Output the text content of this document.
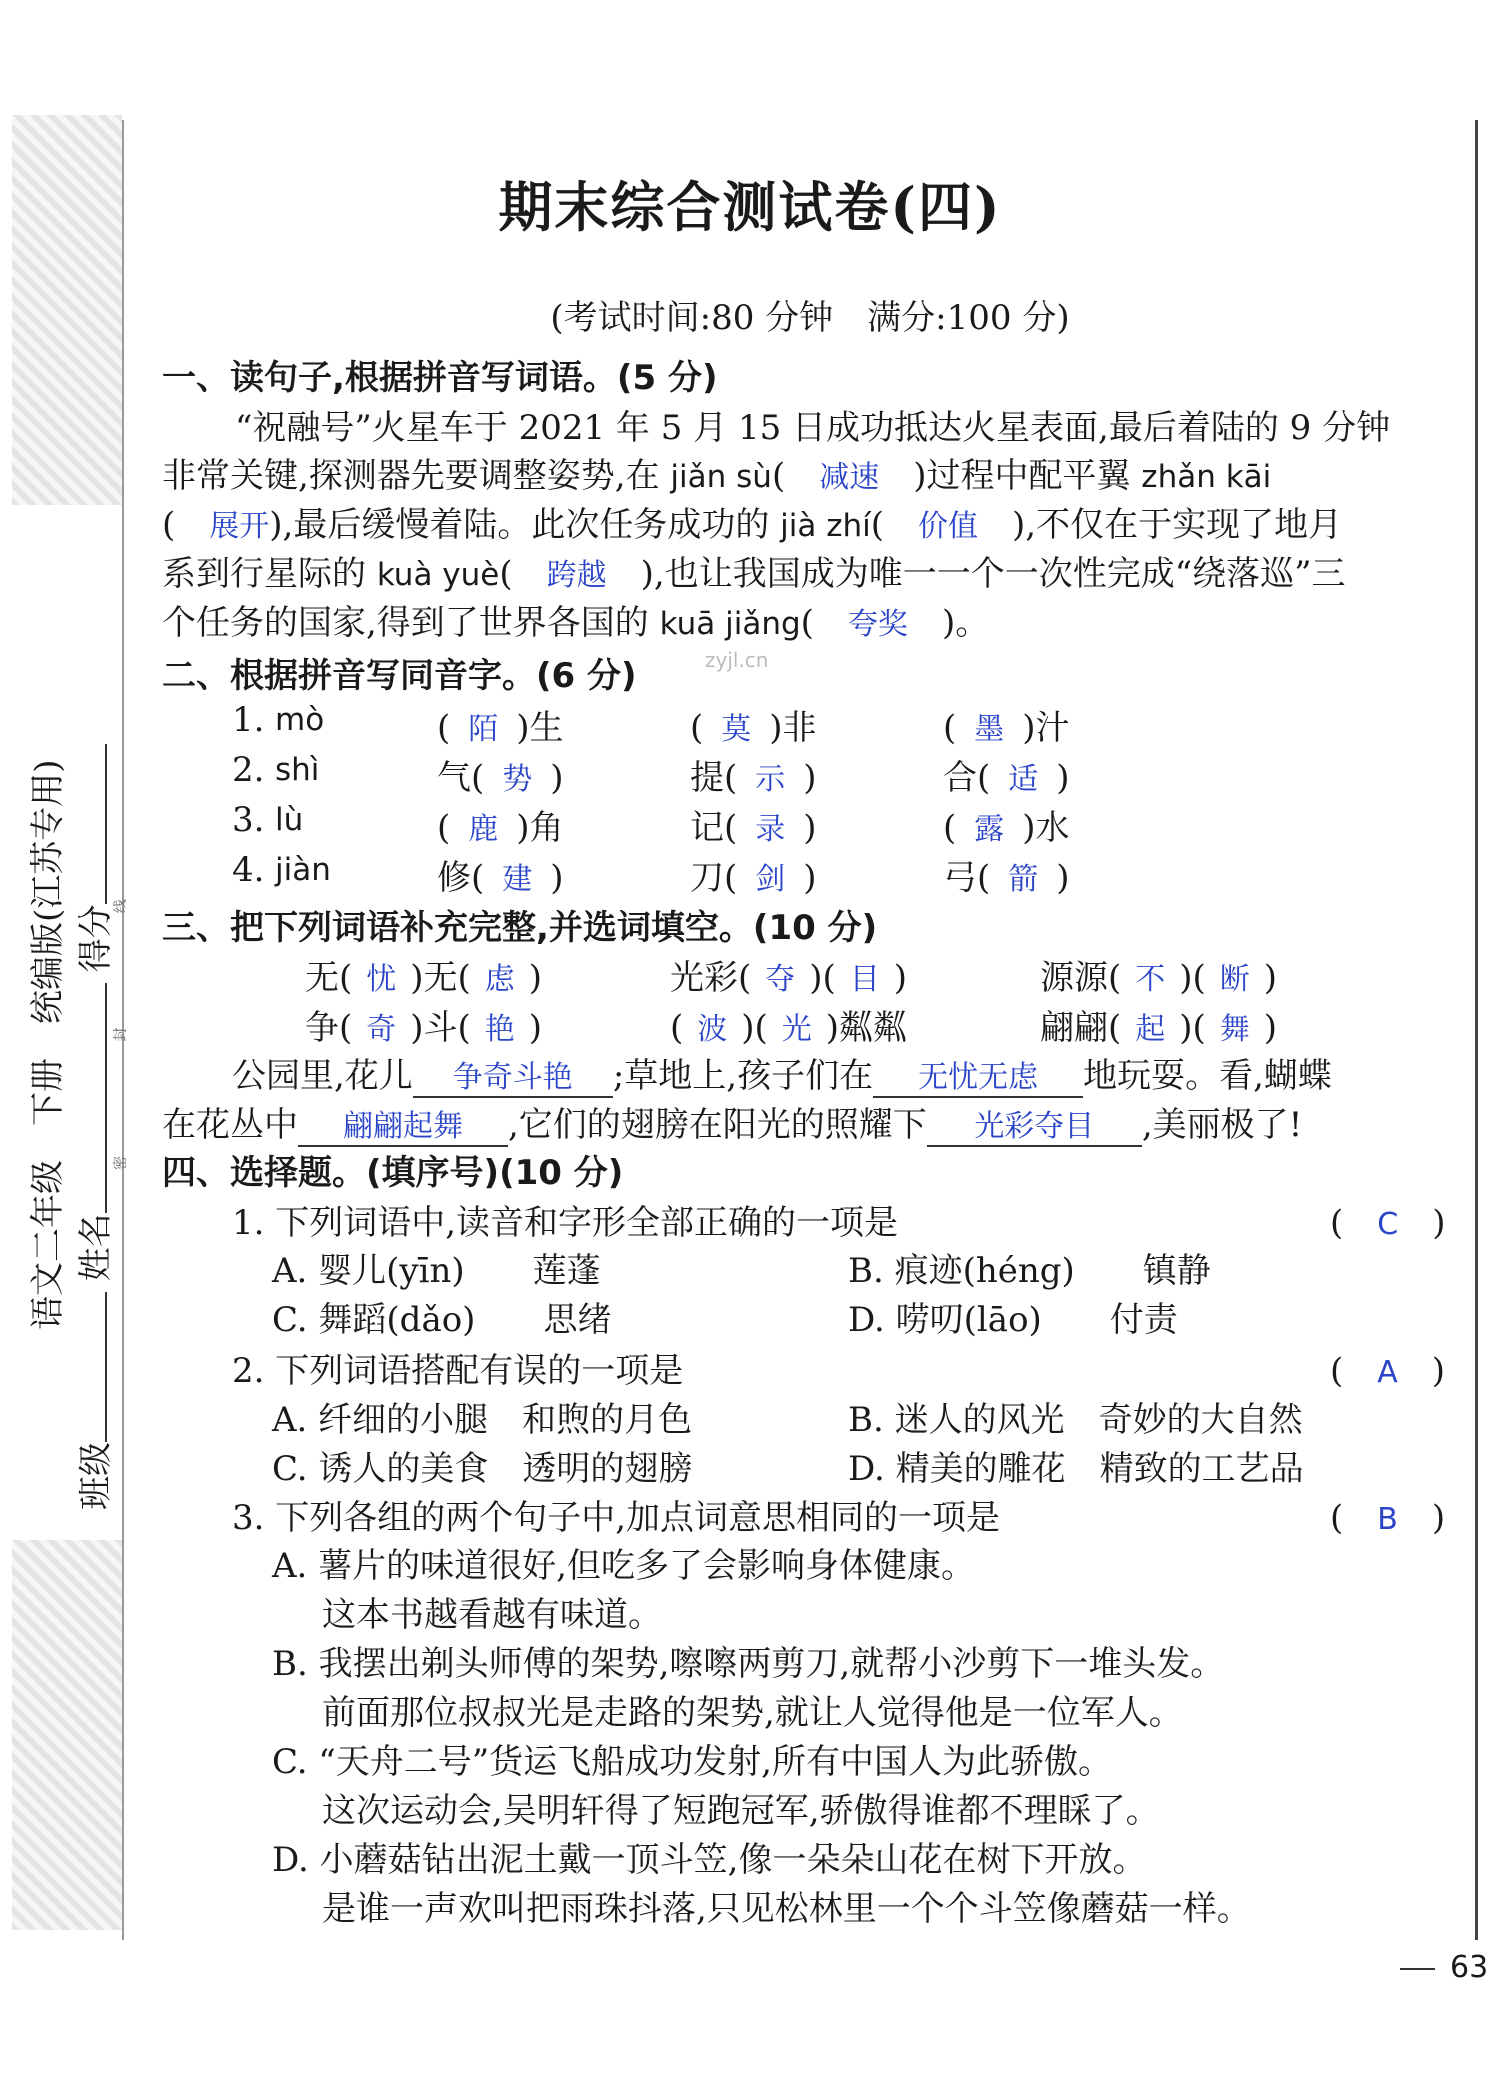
语文二年级　下册　统编版(江苏专用)
班级 姓名 得分
密 封 线
期末综合测试卷(四)
(考试时间:80 分钟　满分:100 分)
一、读句子,根据拼音写词语。(5 分)
“祝融号”火星车于 2021 年 5 月 15 日成功抵达火星表面,最后着陆的 9 分钟
非常关键,探测器先要调整姿势,在 jiǎn sù(　减速　 )过程中配平翼 zhǎn kāi
(　展开),最后缓慢着陆。此次任务成功的 jià zhí(　价值　 ),不仅在于实现了地月
系到行星际的 kuà yuè(　跨越　 ),也让我国成为唯一一个一次性完成“绕落巡”三
个任务的国家,得到了世界各国的 kuā jiǎng(　夸奖　 )。
二、根据拼音写同音字。(6 分)	zyjl.cn
1. mò	( 陌 )生	( 莫 )非	( 墨 )汁
2. shì	气( 势 )	提( 示 )	合( 适 )
3. lù	( 鹿 )角	记( 录 )	( 露 )水
4. jiàn	修( 建 )	刀( 剑 )	弓( 箭 )
三、把下列词语补充完整,并选词填空。(10 分)
无( 忧 )无( 虑 )	光彩( 夺 )( 目 )	源源( 不 )( 断 )
争( 奇 )斗( 艳 )	( 波 )( 光 )粼粼	翩翩( 起 )( 舞 )
公园里,花儿 争奇斗艳 ;草地上,孩子们在 无忧无虑 地玩耍。看,蝴蝶
在花丛中 翩翩起舞 ,它们的翅膀在阳光的照耀下 光彩夺目 ,美丽极了!
四、选择题。(填序号)(10 分)
1. 下列词语中,读音和字形全部正确的一项是	(　C　)
A. 婴儿(yīn)　　莲蓬	B. 痕迹(héng)　　镇静
C. 舞蹈(dǎo)　　思绪	D. 唠叨(lāo)　　付责
2. 下列词语搭配有误的一项是	(　A　)
A. 纤细的小腿　和煦的月色	B. 迷人的风光　奇妙的大自然
C. 诱人的美食　透明的翅膀	D. 精美的雕花　精致的工艺品
3. 下列各组的两个句子中,加点词意思相同的一项是	(　B　)
A. 薯片的味道很好,但吃多了会影响身体健康。
这本书越看越有味道。
B. 我摆出剃头师傅的架势,嚓嚓两剪刀,就帮小沙剪下一堆头发。
前面那位叔叔光是走路的架势,就让人觉得他是一位军人。
C. “天舟二号”货运飞船成功发射,所有中国人为此骄傲。
这次运动会,吴明轩得了短跑冠军,骄傲得谁都不理睬了。
D. 小蘑菇钻出泥土戴一顶斗笠,像一朵朵山花在树下开放。
是谁一声欢叫把雨珠抖落,只见松林里一个个斗笠像蘑菇一样。
63
